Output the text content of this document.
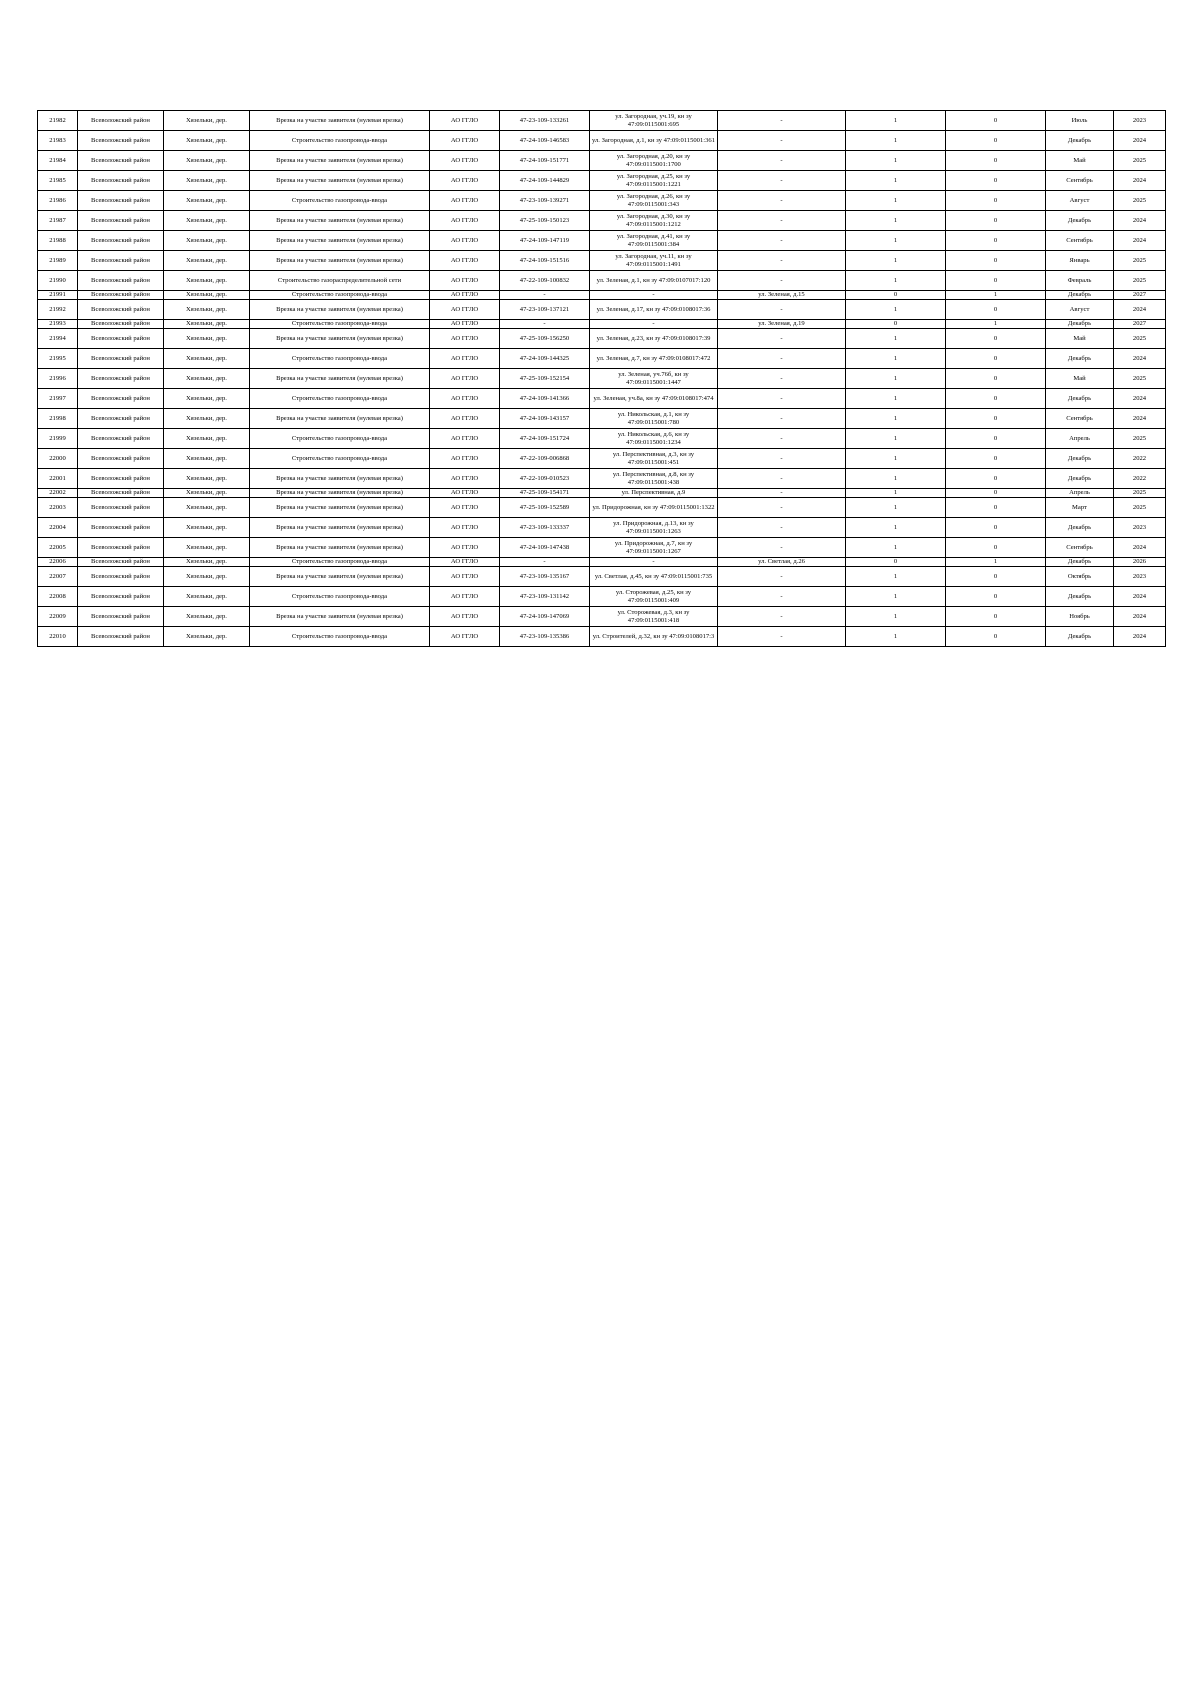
21982	Всеволожский район	Хязельки, дер.	Врезка на участке заявителя (нулевая врезка)	АО ГГЛО	47-23-109-133261	ул. Загородная, уч.19, кн зу 47:09:0115001:695	-	1	0	Июль	2023
21983	Всеволожский район	Хязельки, дер.	Строительство газопровода-ввода	АО ГГЛО	47-24-109-146583	ул. Загородная, д.1, кн зу 47:09:0115001:361	-	1	0	Декабрь	2024
21984	Всеволожский район	Хязельки, дер.	Врезка на участке заявителя (нулевая врезка)	АО ГГЛО	47-24-109-151771	ул. Загородная, д.20, кн зу 47:09:0115001:1700	-	1	0	Май	2025
21985	Всеволожский район	Хязельки, дер.	Врезка на участке заявителя (нулевая врезка)	АО ГГЛО	47-24-109-144829	ул. Загородная, д.25, кн зу 47:09:0115001:1221	-	1	0	Сентябрь	2024
21986	Всеволожский район	Хязельки, дер.	Строительство газопровода-ввода	АО ГГЛО	47-23-109-139271	ул. Загородная, д.26, кн зу 47:09:0115001:343	-	1	0	Август	2025
21987	Всеволожский район	Хязельки, дер.	Врезка на участке заявителя (нулевая врезка)	АО ГГЛО	47-25-109-150123	ул. Загородная, д.30, кн зу 47:09:0115001:1212	-	1	0	Декабрь	2024
21988	Всеволожский район	Хязельки, дер.	Врезка на участке заявителя (нулевая врезка)	АО ГГЛО	47-24-109-147119	ул. Загородная, д.41, кн зу 47:09:0115001:384	-	1	0	Сентябрь	2024
21989	Всеволожский район	Хязельки, дер.	Врезка на участке заявителя (нулевая врезка)	АО ГГЛО	47-24-109-151516	ул. Загородная, уч.11, кн зу 47:09:0115001:1491	-	1	0	Январь	2025
21990	Всеволожский район	Хязельки, дер.	Строительство газораспределительной сети	АО ГГЛО	47-22-109-100832	ул. Зеленая, д.1, кн зу 47:09:0107017:120	-	1	0	Февраль	2025
21991	Всеволожский район	Хязельки, дер.	Строительство газопровода-ввода	АО ГГЛО	-	-	ул. Зеленая, д.15	0	1	Декабрь	2027
21992	Всеволожский район	Хязельки, дер.	Врезка на участке заявителя (нулевая врезка)	АО ГГЛО	47-23-109-137121	ул. Зеленая, д.17, кн зу 47:09:0108017:36	-	1	0	Август	2024
21993	Всеволожский район	Хязельки, дер.	Строительство газопровода-ввода	АО ГГЛО	-	-	ул. Зеленая, д.19	0	1	Декабрь	2027
21994	Всеволожский район	Хязельки, дер.	Врезка на участке заявителя (нулевая врезка)	АО ГГЛО	47-25-109-156250	ул. Зеленая, д.23, кн зу 47:09:0108017:39	-	1	0	Май	2025
21995	Всеволожский район	Хязельки, дер.	Строительство газопровода-ввода	АО ГГЛО	47-24-109-144325	ул. Зеленая, д.7, кн зу 47:09:0108017:472	-	1	0	Декабрь	2024
21996	Всеволожский район	Хязельки, дер.	Врезка на участке заявителя (нулевая врезка)	АО ГГЛО	47-25-109-152154	ул. Зеленая, уч.76б, кн зу 47:09:0115001:1447	-	1	0	Май	2025
21997	Всеволожский район	Хязельки, дер.	Строительство газопровода-ввода	АО ГГЛО	47-24-109-141366	ул. Зеленая, уч.8а, кн зу 47:09:0108017:474	-	1	0	Декабрь	2024
21998	Всеволожский район	Хязельки, дер.	Врезка на участке заявителя (нулевая врезка)	АО ГГЛО	47-24-109-143157	ул. Никольская, д.1, кн зу 47:09:0115001:780	-	1	0	Сентябрь	2024
21999	Всеволожский район	Хязельки, дер.	Строительство газопровода-ввода	АО ГГЛО	47-24-109-151724	ул. Никольская, д.6, кн зу 47:09:0115001:1234	-	1	0	Апрель	2025
22000	Всеволожский район	Хязельки, дер.	Строительство газопровода-ввода	АО ГГЛО	47-22-109-006868	ул. Перспективная, д.3, кн зу 47:09:0115001:451	-	1	0	Декабрь	2022
22001	Всеволожский район	Хязельки, дер.	Врезка на участке заявителя (нулевая врезка)	АО ГГЛО	47-22-109-010523	ул. Перспективная, д.8, кн зу 47:09:0115001:438	-	1	0	Декабрь	2022
22002	Всеволожский район	Хязельки, дер.	Врезка на участке заявителя (нулевая врезка)	АО ГГЛО	47-25-109-154171	ул. Перспективная, д.9	-	1	0	Апрель	2025
22003	Всеволожский район	Хязельки, дер.	Врезка на участке заявителя (нулевая врезка)	АО ГГЛО	47-25-109-152589	ул. Придорожная, кн зу 47:09:0115001:1322	-	1	0	Март	2025
22004	Всеволожский район	Хязельки, дер.	Врезка на участке заявителя (нулевая врезка)	АО ГГЛО	47-23-109-133337	ул. Придорожная, д.13, кн зу 47:09:0115001:1263	-	1	0	Декабрь	2023
22005	Всеволожский район	Хязельки, дер.	Врезка на участке заявителя (нулевая врезка)	АО ГГЛО	47-24-109-147438	ул. Придорожная, д.7, кн зу 47:09:0115001:1267	-	1	0	Сентябрь	2024
22006	Всеволожский район	Хязельки, дер.	Строительство газопровода-ввода	АО ГГЛО	-	-	ул. Светлая, д.26	0	1	Декабрь	2026
22007	Всеволожский район	Хязельки, дер.	Врезка на участке заявителя (нулевая врезка)	АО ГГЛО	47-23-109-135167	ул. Светлая, д.45, кн зу 47:09:0115001:735	-	1	0	Октябрь	2023
22008	Всеволожский район	Хязельки, дер.	Строительство газопровода-ввода	АО ГГЛО	47-23-109-131142	ул. Сторожевая, д.25, кн зу 47:09:0115001:409	-	1	0	Декабрь	2024
22009	Всеволожский район	Хязельки, дер.	Врезка на участке заявителя (нулевая врезка)	АО ГГЛО	47-24-109-147069	ул. Сторожевая, д.3, кн зу 47:09:0115001:418	-	1	0	Ноябрь	2024
22010	Всеволожский район	Хязельки, дер.	Строительство газопровода-ввода	АО ГГЛО	47-23-109-135386	ул. Строителей, д.32, кн зу 47:09:0108017:3	-	1	0	Декабрь	2024
